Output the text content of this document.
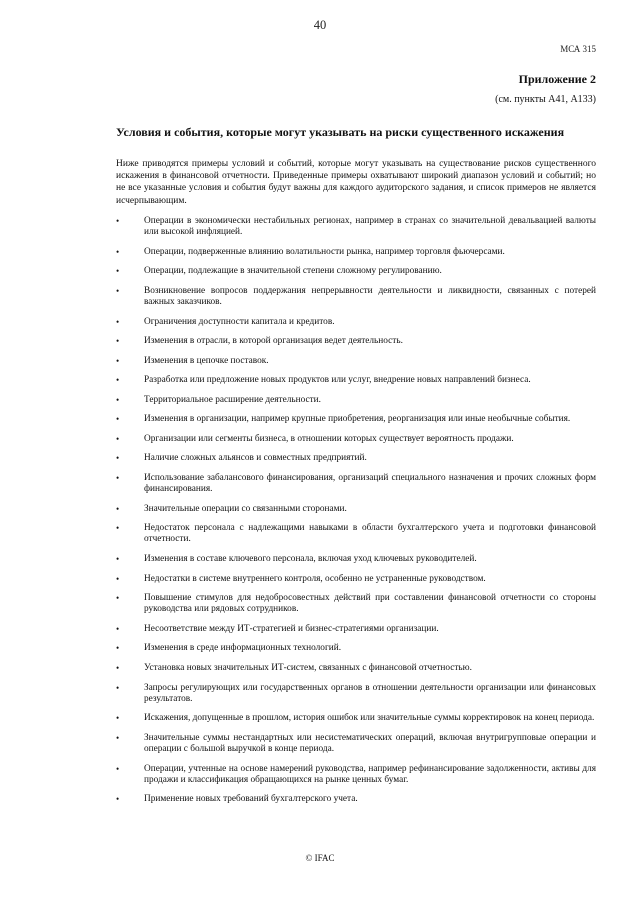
40
МСА 315
Приложение 2
(см. пункты А41, А133)
Условия и события, которые могут указывать на риски существенного искажения
Ниже приводятся примеры условий и событий, которые могут указывать на существование рисков существенного искажения в финансовой отчетности. Приведенные примеры охватывают широкий диапазон условий и событий; но не все указанные условия и события будут важны для каждого аудиторского задания, и список примеров не является исчерпывающим.
•	Операции в экономически нестабильных регионах, например в странах со значительной девальвацией валюты или высокой инфляцией.
•	Операции, подверженные влиянию волатильности рынка, например торговля фьючерсами.
•	Операции, подлежащие в значительной степени сложному регулированию.
•	Возникновение вопросов поддержания непрерывности деятельности и ликвидности, связанных с потерей важных заказчиков.
•	Ограничения доступности капитала и кредитов.
•	Изменения в отрасли, в которой организация ведет деятельность.
•	Изменения в цепочке поставок.
•	Разработка или предложение новых продуктов или услуг, внедрение новых направлений бизнеса.
•	Территориальное расширение деятельности.
•	Изменения в организации, например крупные приобретения, реорганизация или иные необычные события.
•	Организации или сегменты бизнеса, в отношении которых существует вероятность продажи.
•	Наличие сложных альянсов и совместных предприятий.
•	Использование забалансового финансирования, организаций специального назначения и прочих сложных форм финансирования.
•	Значительные операции со связанными сторонами.
•	Недостаток персонала с надлежащими навыками в области бухгалтерского учета и подготовки финансовой отчетности.
•	Изменения в составе ключевого персонала, включая уход ключевых руководителей.
•	Недостатки в системе внутреннего контроля, особенно не устраненные руководством.
•	Повышение стимулов для недобросовестных действий при составлении финансовой отчетности со стороны руководства или рядовых сотрудников.
•	Несоответствие между ИТ-стратегией и бизнес-стратегиями организации.
•	Изменения в среде информационных технологий.
•	Установка новых значительных ИТ-систем, связанных с финансовой отчетностью.
•	Запросы регулирующих или государственных органов в отношении деятельности организации или финансовых результатов.
•	Искажения, допущенные в прошлом, история ошибок или значительные суммы корректировок на конец периода.
•	Значительные суммы нестандартных или несистематических операций, включая внутригрупповые операции и операции с большой выручкой в конце периода.
•	Операции, учтенные на основе намерений руководства, например рефинансирование задолженности, активы для продажи и классификация обращающихся на рынке ценных бумаг.
•	Применение новых требований бухгалтерского учета.
© IFAC
